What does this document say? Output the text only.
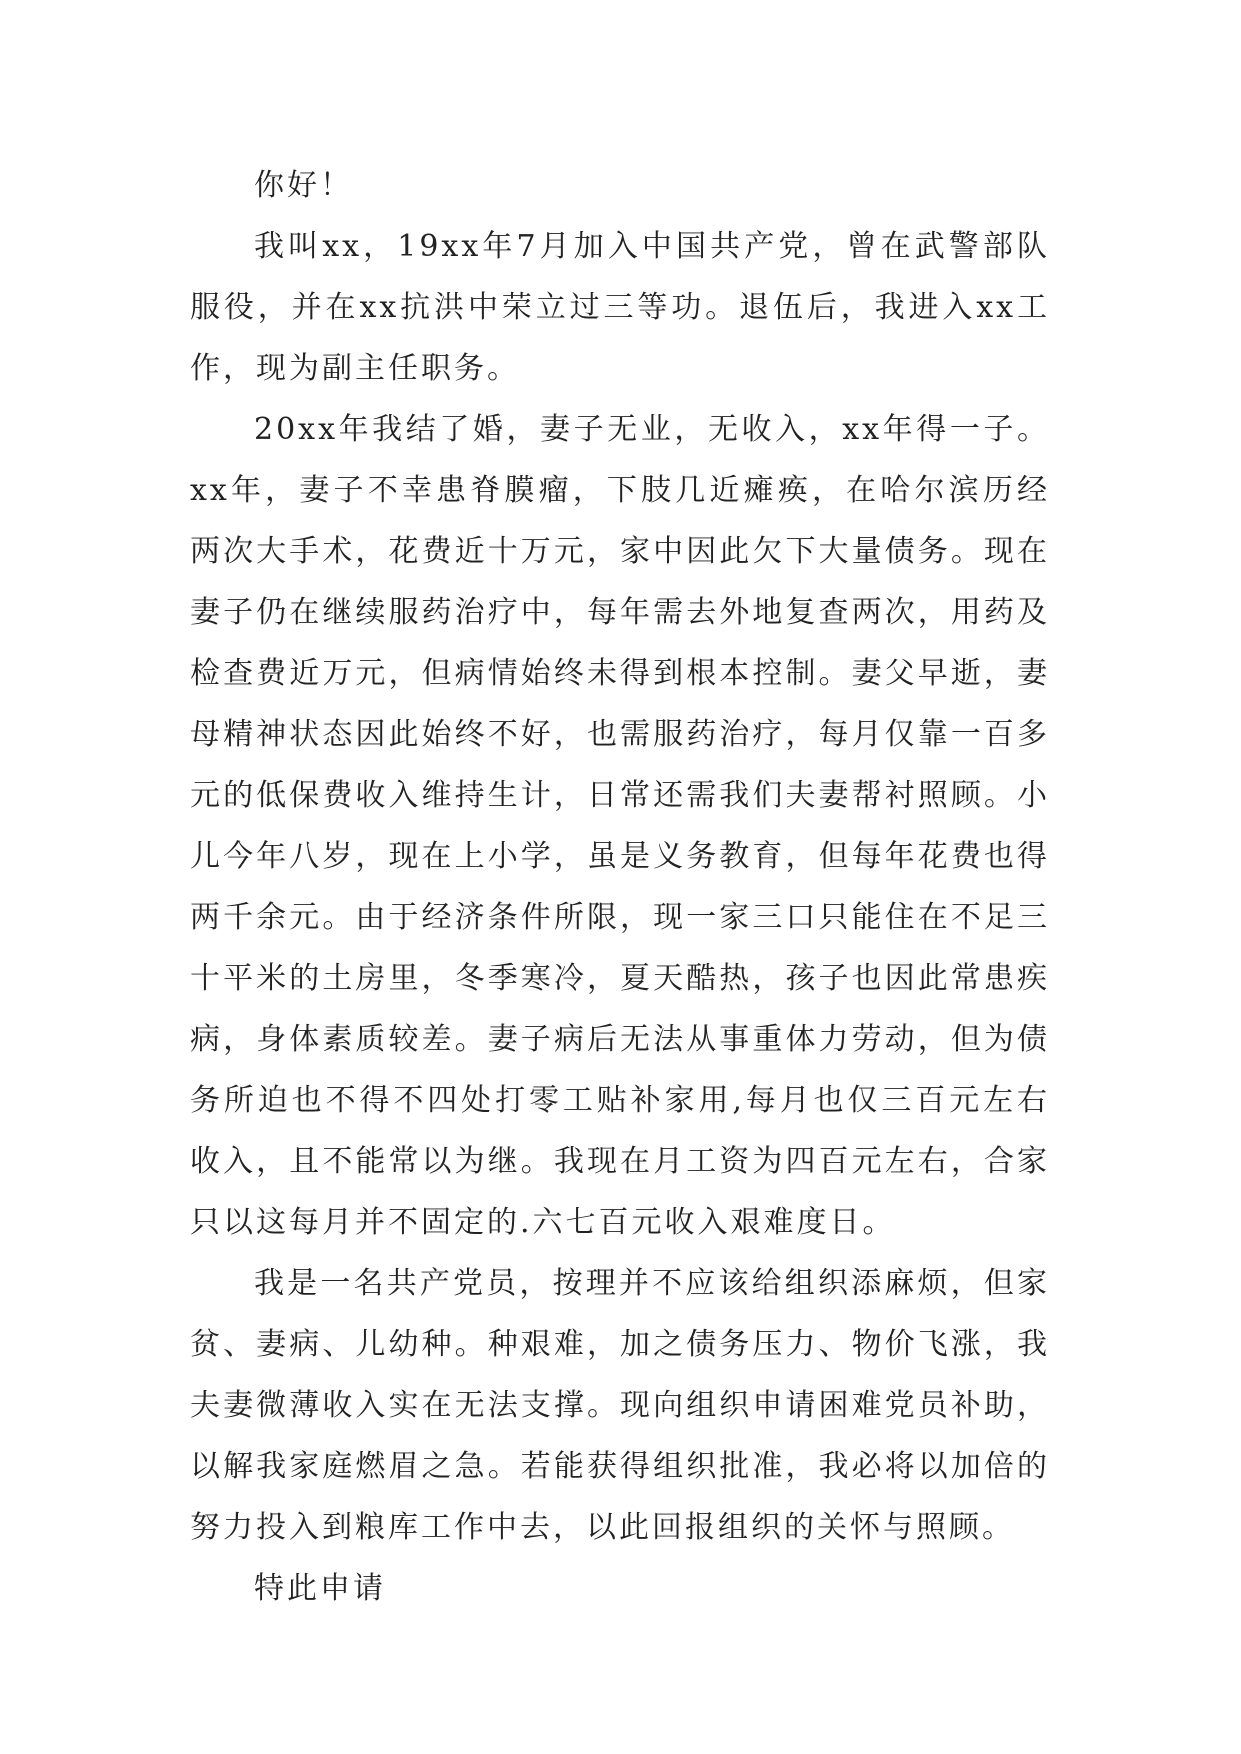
你好！

我叫xx，19xx年7月加入中国共产党，曾在武警部队服役，并在xx抗洪中荣立过三等功。退伍后，我进入xx工作，现为副主任职务。

20xx年我结了婚，妻子无业，无收入，xx年得一子。xx年，妻子不幸患脊膜瘤，下肢几近瘫痪，在哈尔滨历经两次大手术，花费近十万元，家中因此欠下大量债务。现在妻子仍在继续服药治疗中，每年需去外地复查两次，用药及检查费近万元，但病情始终未得到根本控制。妻父早逝，妻母精神状态因此始终不好，也需服药治疗，每月仅靠一百多元的低保费收入维持生计，日常还需我们夫妻帮衬照顾。小儿今年八岁，现在上小学，虽是义务教育，但每年花费也得两千余元。由于经济条件所限，现一家三口只能住在不足三十平米的土房里，冬季寒冷，夏天酷热，孩子也因此常患疾病，身体素质较差。妻子病后无法从事重体力劳动，但为债务所迫也不得不四处打零工贴补家用,每月也仅三百元左右收入，且不能常以为继。我现在月工资为四百元左右，合家只以这每月并不固定的.六七百元收入艰难度日。

我是一名共产党员，按理并不应该给组织添麻烦，但家贫、妻病、儿幼种。种艰难，加之债务压力、物价飞涨，我夫妻微薄收入实在无法支撑。现向组织申请困难党员补助，以解我家庭燃眉之急。若能获得组织批准，我必将以加倍的努力投入到粮库工作中去，以此回报组织的关怀与照顾。

特此申请
